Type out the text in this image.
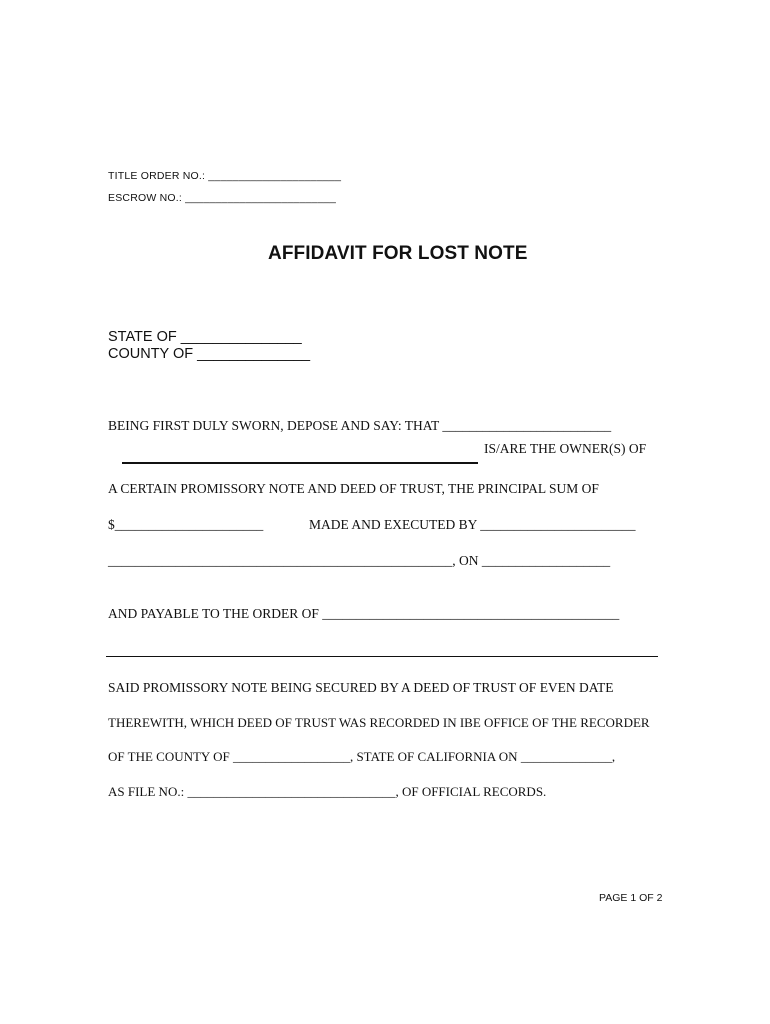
TITLE ORDER NO.: ______________________

ESCROW NO.: _________________________

AFFIDAVIT FOR LOST NOTE

STATE OF _______________

COUNTY OF ______________

BEING FIRST DULY SWORN, DEPOSE AND SAY: THAT _________________________

IS/ARE THE OWNER(S) OF

A CERTAIN PROMISSORY NOTE AND DEED OF TRUST, THE PRINCIPAL SUM OF

$______________________	MADE AND EXECUTED BY _______________________

___________________________________________________, ON ___________________

AND PAYABLE TO THE ORDER OF ____________________________________________

SAID PROMISSORY NOTE BEING SECURED BY A DEED OF TRUST OF EVEN DATE

THEREWITH, WHICH DEED OF TRUST WAS RECORDED IN IBE OFFICE OF THE RECORDER

OF THE COUNTY OF __________________, STATE OF CALIFORNIA ON ______________,

AS FILE NO.: ________________________________, OF OFFICIAL RECORDS.

PAGE 1 OF 2
